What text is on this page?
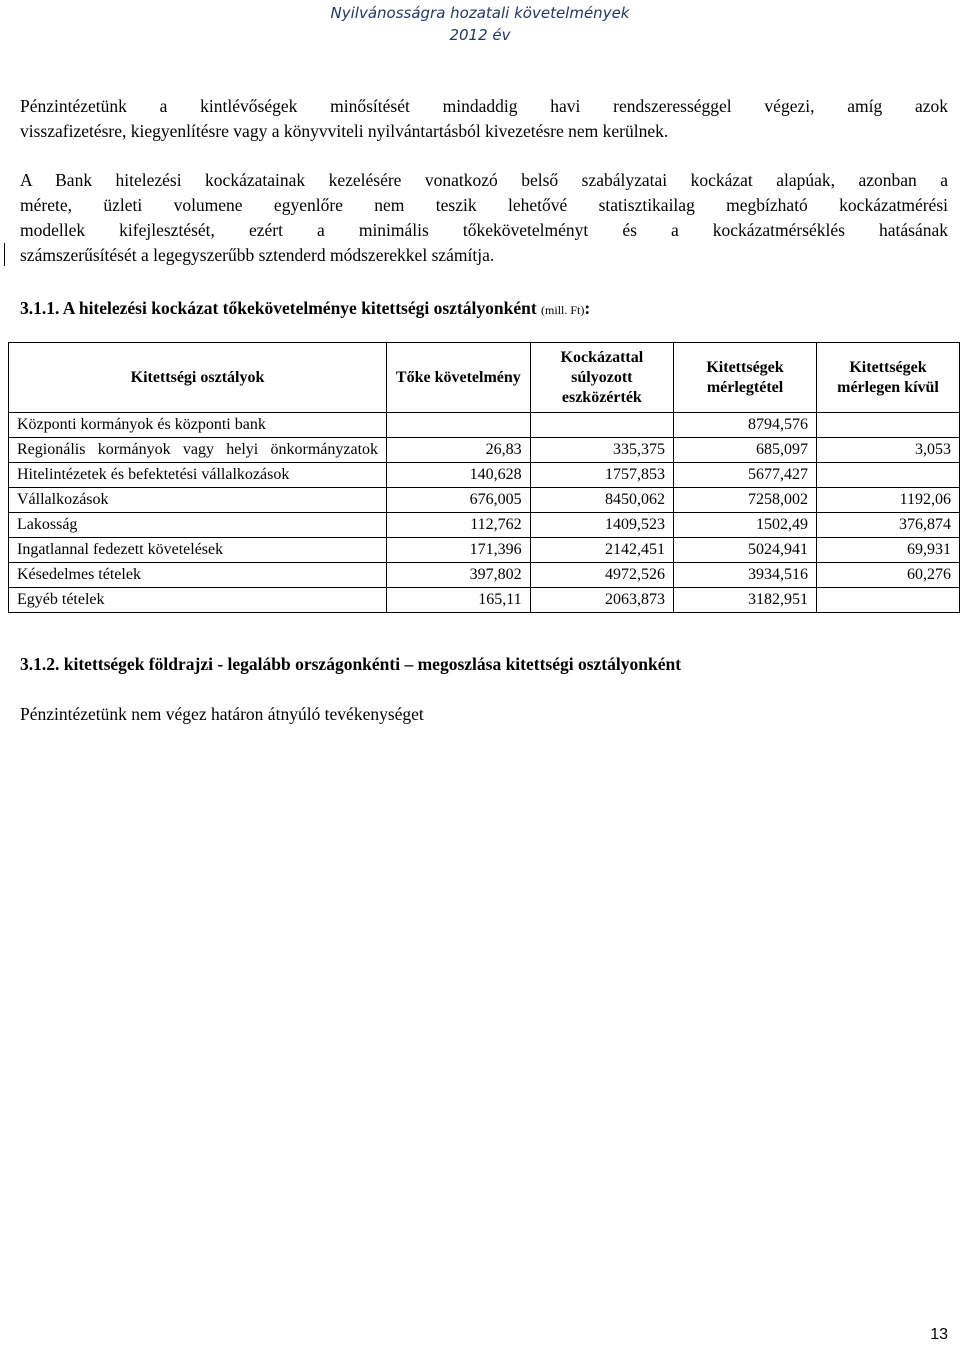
Nyilvánosságra hozatali követelmények
2012 év
Pénzintézetünk a kintlévőségek minősítését mindaddig havi rendszerességgel végezi, amíg azok
visszafizetésre, kiegyenlítésre vagy a könyvviteli nyilvántartásból kivezetésre nem kerülnek.
A Bank hitelezési kockázatainak kezelésére vonatkozó belső szabályzatai kockázat alapúak, azonban a
mérete, üzleti volumene egyenlőre nem teszik lehetővé statisztikailag megbízható kockázatmérési
modellek kifejlesztését, ezért a minimális tőkekövetelményt és a kockázatmérséklés hatásának
számszerűsítését a legegyszerűbb sztenderd módszerekkel számítja.
3.1.1. A hitelezési kockázat tőkekövetelménye kitettségi osztályonként (mill. Ft):
Kitettségi osztályok	Tőke követelmény	Kockázattal súlyozott eszközérték	Kitettségek mérlegtétel	Kitettségek mérlegen kívül
Központi kormányok és központi bank			8794,576	
Regionális kormányok vagy helyi önkormányzatok	26,83	335,375	685,097	3,053
Hitelintézetek és befektetési vállalkozások	140,628	1757,853	5677,427	
Vállalkozások	676,005	8450,062	7258,002	1192,06
Lakosság	112,762	1409,523	1502,49	376,874
Ingatlannal fedezett követelések	171,396	2142,451	5024,941	69,931
Késedelmes tételek	397,802	4972,526	3934,516	60,276
Egyéb tételek	165,11	2063,873	3182,951	
3.1.2. kitettségek földrajzi - legalább országonkénti – megoszlása kitettségi osztályonként
Pénzintézetünk nem végez határon átnyúló tevékenységet
13
